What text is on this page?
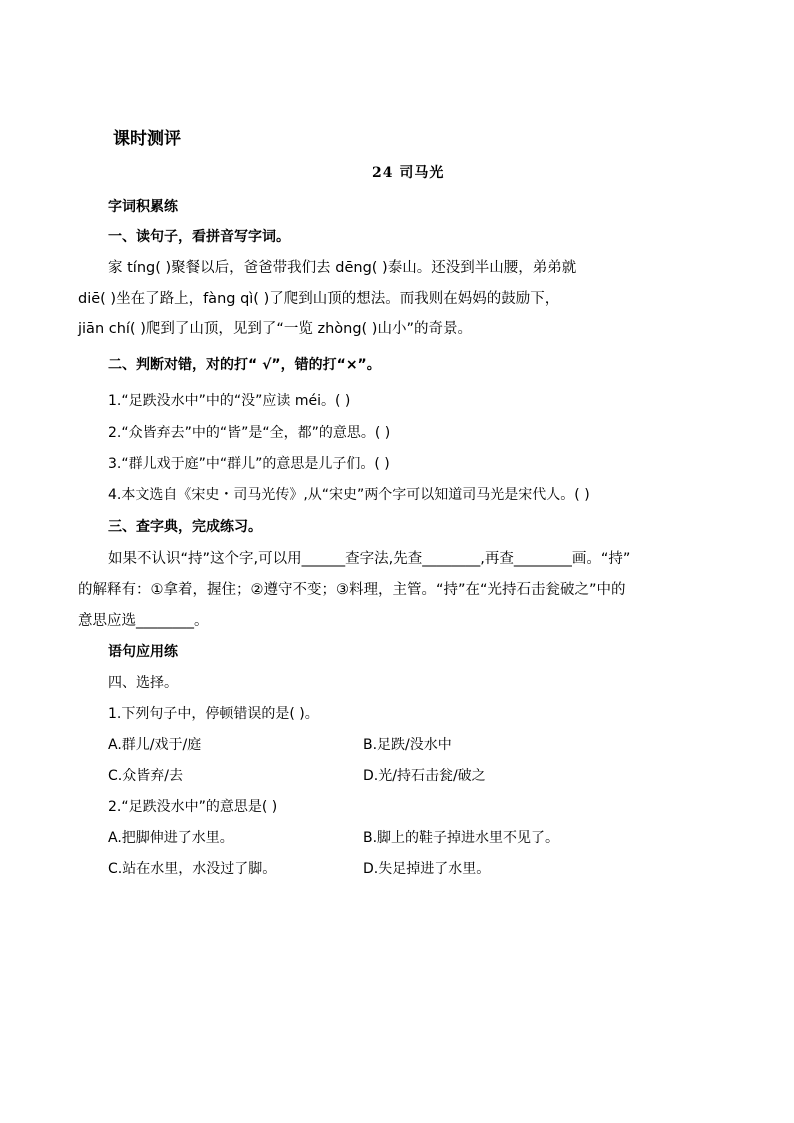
课时测评
24 司马光
字词积累练
一、读句子，看拼音写字词。
家 tíng( )聚餐以后，爸爸带我们去 dēng( )泰山。还没到半山腰，弟弟就
diē( )坐在了路上，fàng qì( )了爬到山顶的想法。而我则在妈妈的鼓励下，
jiān chí( )爬到了山顶，见到了“一览 zhòng( )山小”的奇景。
二、判断对错，对的打“ √”，错的打“×”。
1.“足跌没水中”中的“没”应读 méi。( )
2.“众皆弃去”中的“皆”是“全，都”的意思。( )
3.“群儿戏于庭”中“群儿”的意思是儿子们。( )
4.本文选自《宋史・司马光传》,从“宋史”两个字可以知道司马光是宋代人。( )
三、查字典，完成练习。
如果不认识“持”这个字,可以用______查字法,先查________,再查________画。“持”
的解释有：①拿着，握住；②遵守不变；③料理，主管。“持”在“光持石击瓮破之”中的
意思应选________。
语句应用练
四、选择。
1.下列句子中，停顿错误的是( )。
A.群儿/戏于/庭	B.足跌/没水中
C.众皆弃/去	D.光/持石击瓮/破之
2.“足跌没水中”的意思是( )
A.把脚伸进了水里。	B.脚上的鞋子掉进水里不见了。
C.站在水里，水没过了脚。	D.失足掉进了水里。
